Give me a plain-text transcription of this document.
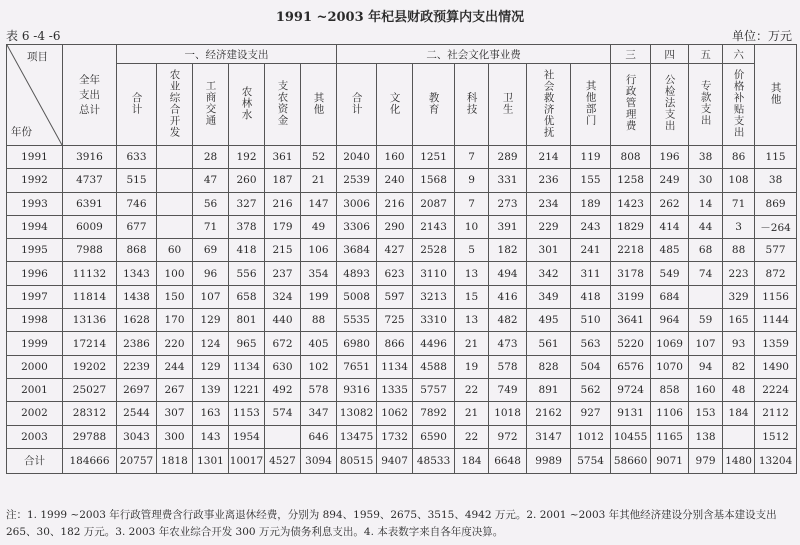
1991 ~2003 年杞县财政预算内支出情况
表 6 -4 -6	单位：万元
项目
年份	全年支出总计	一、经济建设支出						二、社会文化事业费							三	四	五	六	其他
		合计	农业综合开发	工商交通	农林水	支农资金	其他	合计	文化	教育	科技	卫生	社会救济优抚	其他部门	行政管理费	公检法支出	专款支出	价格补贴支出	
1991	3916	633		28	192	361	52	2040	160	1251	7	289	214	119	808	196	38	86	115
1992	4737	515		47	260	187	21	2539	240	1568	9	331	236	155	1258	249	30	108	38
1993	6391	746		56	327	216	147	3006	216	2087	7	273	234	189	1423	262	14	71	869
1994	6009	677		71	378	179	49	3306	290	2143	10	391	229	243	1829	414	44	3	－264
1995	7988	868	60	69	418	215	106	3684	427	2528	5	182	301	241	2218	485	68	88	577
1996	11132	1343	100	96	556	237	354	4893	623	3110	13	494	342	311	3178	549	74	223	872
1997	11814	1438	150	107	658	324	199	5008	597	3213	15	416	349	418	3199	684		329	1156
1998	13136	1628	170	129	801	440	88	5535	725	3310	13	482	495	510	3641	964	59	165	1144
1999	17214	2386	220	124	965	672	405	6980	866	4496	21	473	561	563	5220	1069	107	93	1359
2000	19202	2239	244	129	1134	630	102	7651	1134	4588	19	578	828	504	6576	1070	94	82	1490
2001	25027	2697	267	139	1221	492	578	9316	1335	5757	22	749	891	562	9724	858	160	48	2224
2002	28312	2544	307	163	1153	574	347	13082	1062	7892	21	1018	2162	927	9131	1106	153	184	2112
2003	29788	3043	300	143	1954		646	13475	1732	6590	22	972	3147	1012	10455	1165	138		1512
合计	184666	20757	1818	1301	10017	4527	3094	80515	9407	48533	184	6648	9989	5754	58660	9071	979	1480	13204
注：1. 1999 ~2003 年行政管理费含行政事业离退休经费，分别为 894、1959、2675、3515、4942 万元。2. 2001 ~2003 年其他经济建设分别含基本建设支出 265、30、182 万元。3. 2003 年农业综合开发 300 万元为债务利息支出。4. 本表数字来自各年度决算。
